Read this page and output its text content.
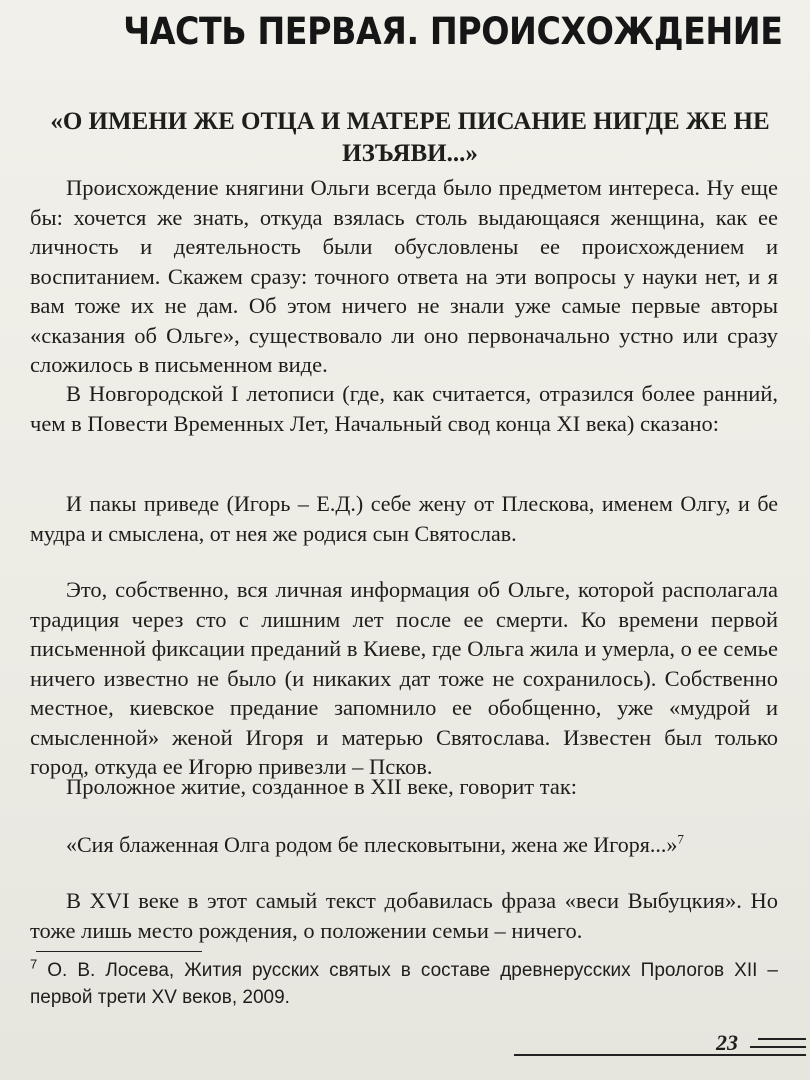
ЧАСТЬ ПЕРВАЯ. ПРОИСХОЖДЕНИЕ
«О ИМЕНИ ЖЕ ОТЦА И МАТЕРЕ ПИСАНИЕ НИГДЕ ЖЕ НЕ ИЗЪЯВИ...»

Происхождение княгини Ольги всегда было предметом интереса. Ну еще бы: хочется же знать, откуда взялась столь выдающаяся женщина, как ее личность и деятельность были обусловлены ее происхождением и воспитанием. Скажем сразу: точного ответа на эти вопросы у науки нет, и я вам тоже их не дам. Об этом ничего не знали уже самые первые авторы «сказания об Ольге», существовало ли оно первоначально устно или сразу сложилось в письменном виде.

В Новгородской I летописи (где, как считается, отразился более ранний, чем в Повести Временных Лет, Начальный свод конца XI века) сказано:

И пакы приведе (Игорь – Е.Д.) себе жену от Плескова, именем Олгу, и бе мудра и смыслена, от нея же родися сын Святослав.

Это, собственно, вся личная информация об Ольге, которой располагала традиция через сто с лишним лет после ее смерти. Ко времени первой письменной фиксации преданий в Киеве, где Ольга жила и умерла, о ее семье ничего известно не было (и никаких дат тоже не сохранилось). Собственно местное, киевское предание запомнило ее обобщенно, уже «мудрой и смысленной» женой Игоря и матерью Святослава. Известен был только город, откуда ее Игорю привезли – Псков.

Проложное житие, созданное в XII веке, говорит так:

«Сия блаженная Олга родом бе плесковытыни, жена же Игоря...»$^7$

В XVI веке в этот самый текст добавилась фраза «веси Выбуцкия». Но тоже лишь место рождения, о положении семьи – ничего.

$^7$ О. В. Лосева, Жития русских святых в составе древнерусских Прологов XII – первой трети XV веков, 2009.

23
